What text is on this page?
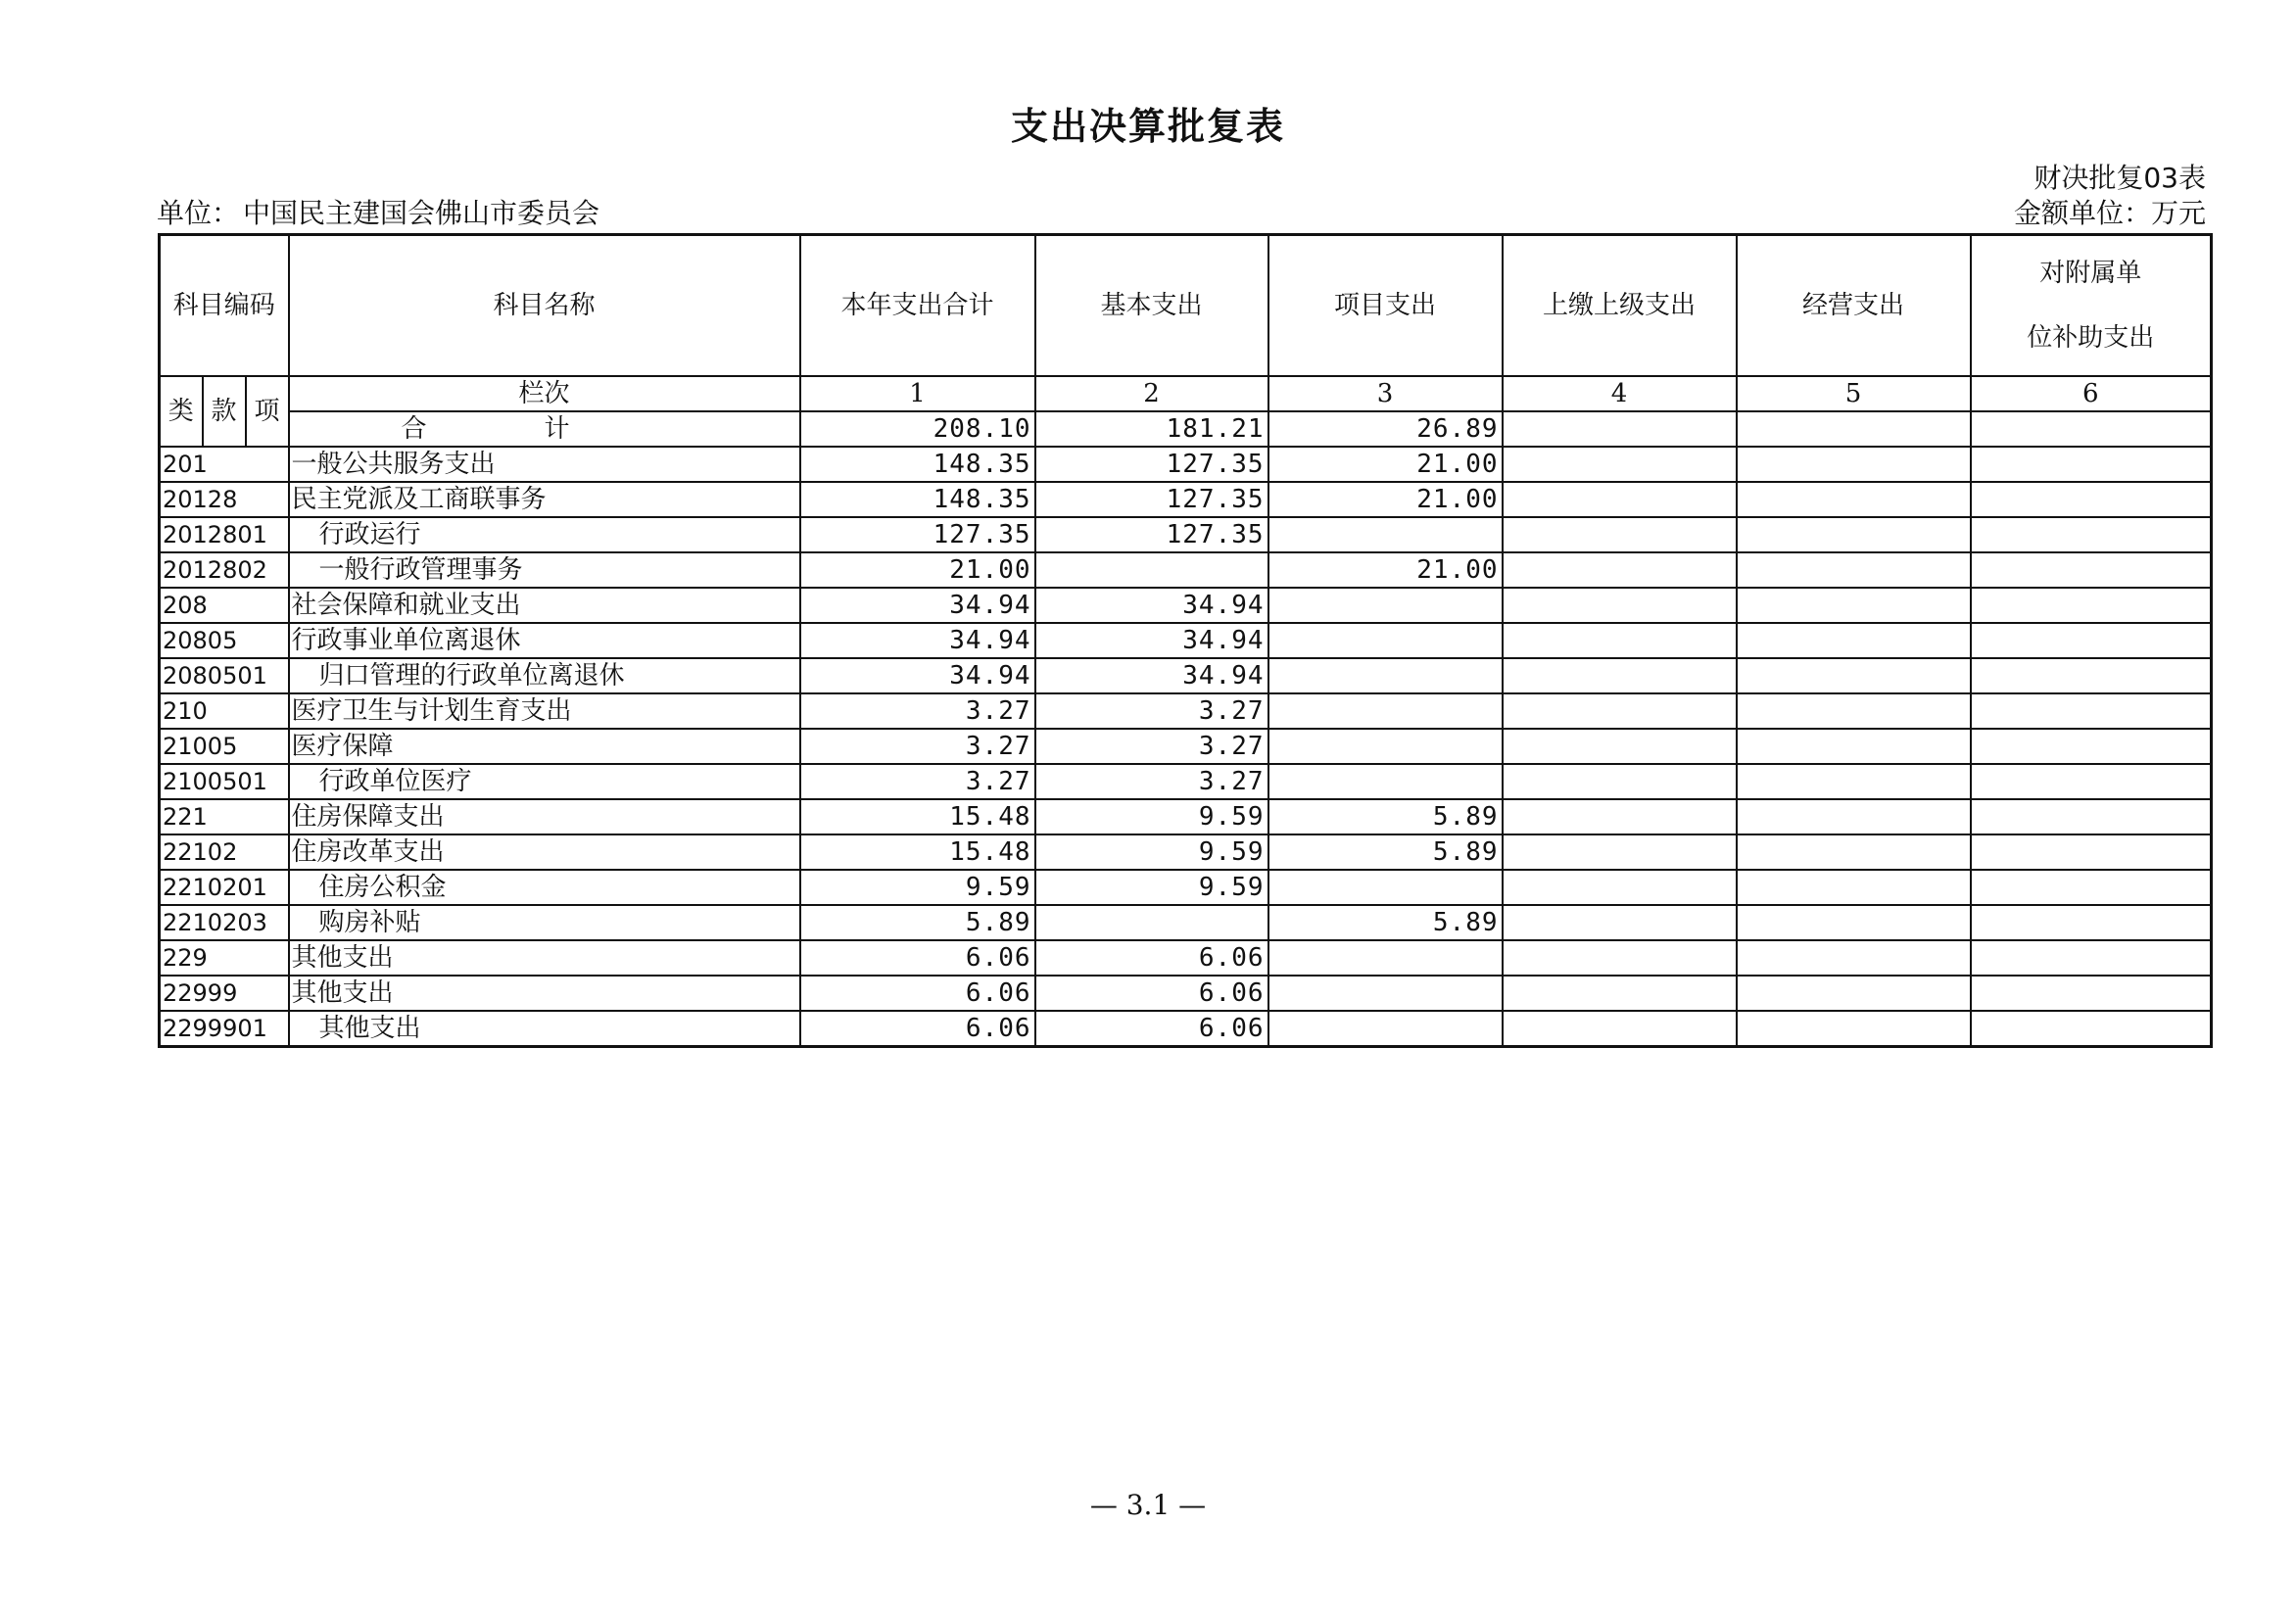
支出决算批复表
财决批复03表
单位： 中国民主建国会佛山市委员会	金额单位：万元
科目编码			科目名称	本年支出合计	基本支出	项目支出	上缴上级支出	经营支出	对附属单
位补助支出

类	款	项	栏次	1	2	3	4	5	6
			合计	208.10	181.21	26.89			
201			一般公共服务支出	148.35	127.35	21.00			
20128			民主党派及工商联事务	148.35	127.35	21.00			
2012801			行政运行	127.35	127.35				
2012802			一般行政管理事务	21.00		21.00			
208			社会保障和就业支出	34.94	34.94				
20805			行政事业单位离退休	34.94	34.94				
2080501			归口管理的行政单位离退休	34.94	34.94				
210			医疗卫生与计划生育支出	3.27	3.27				
21005			医疗保障	3.27	3.27				
2100501			行政单位医疗	3.27	3.27				
221			住房保障支出	15.48	9.59	5.89			
22102			住房改革支出	15.48	9.59	5.89			
2210201			住房公积金	9.59	9.59				
2210203			购房补贴	5.89		5.89			
229			其他支出	6.06	6.06				
22999			其他支出	6.06	6.06				
2299901			其他支出	6.06	6.06				
— 3.1 —
